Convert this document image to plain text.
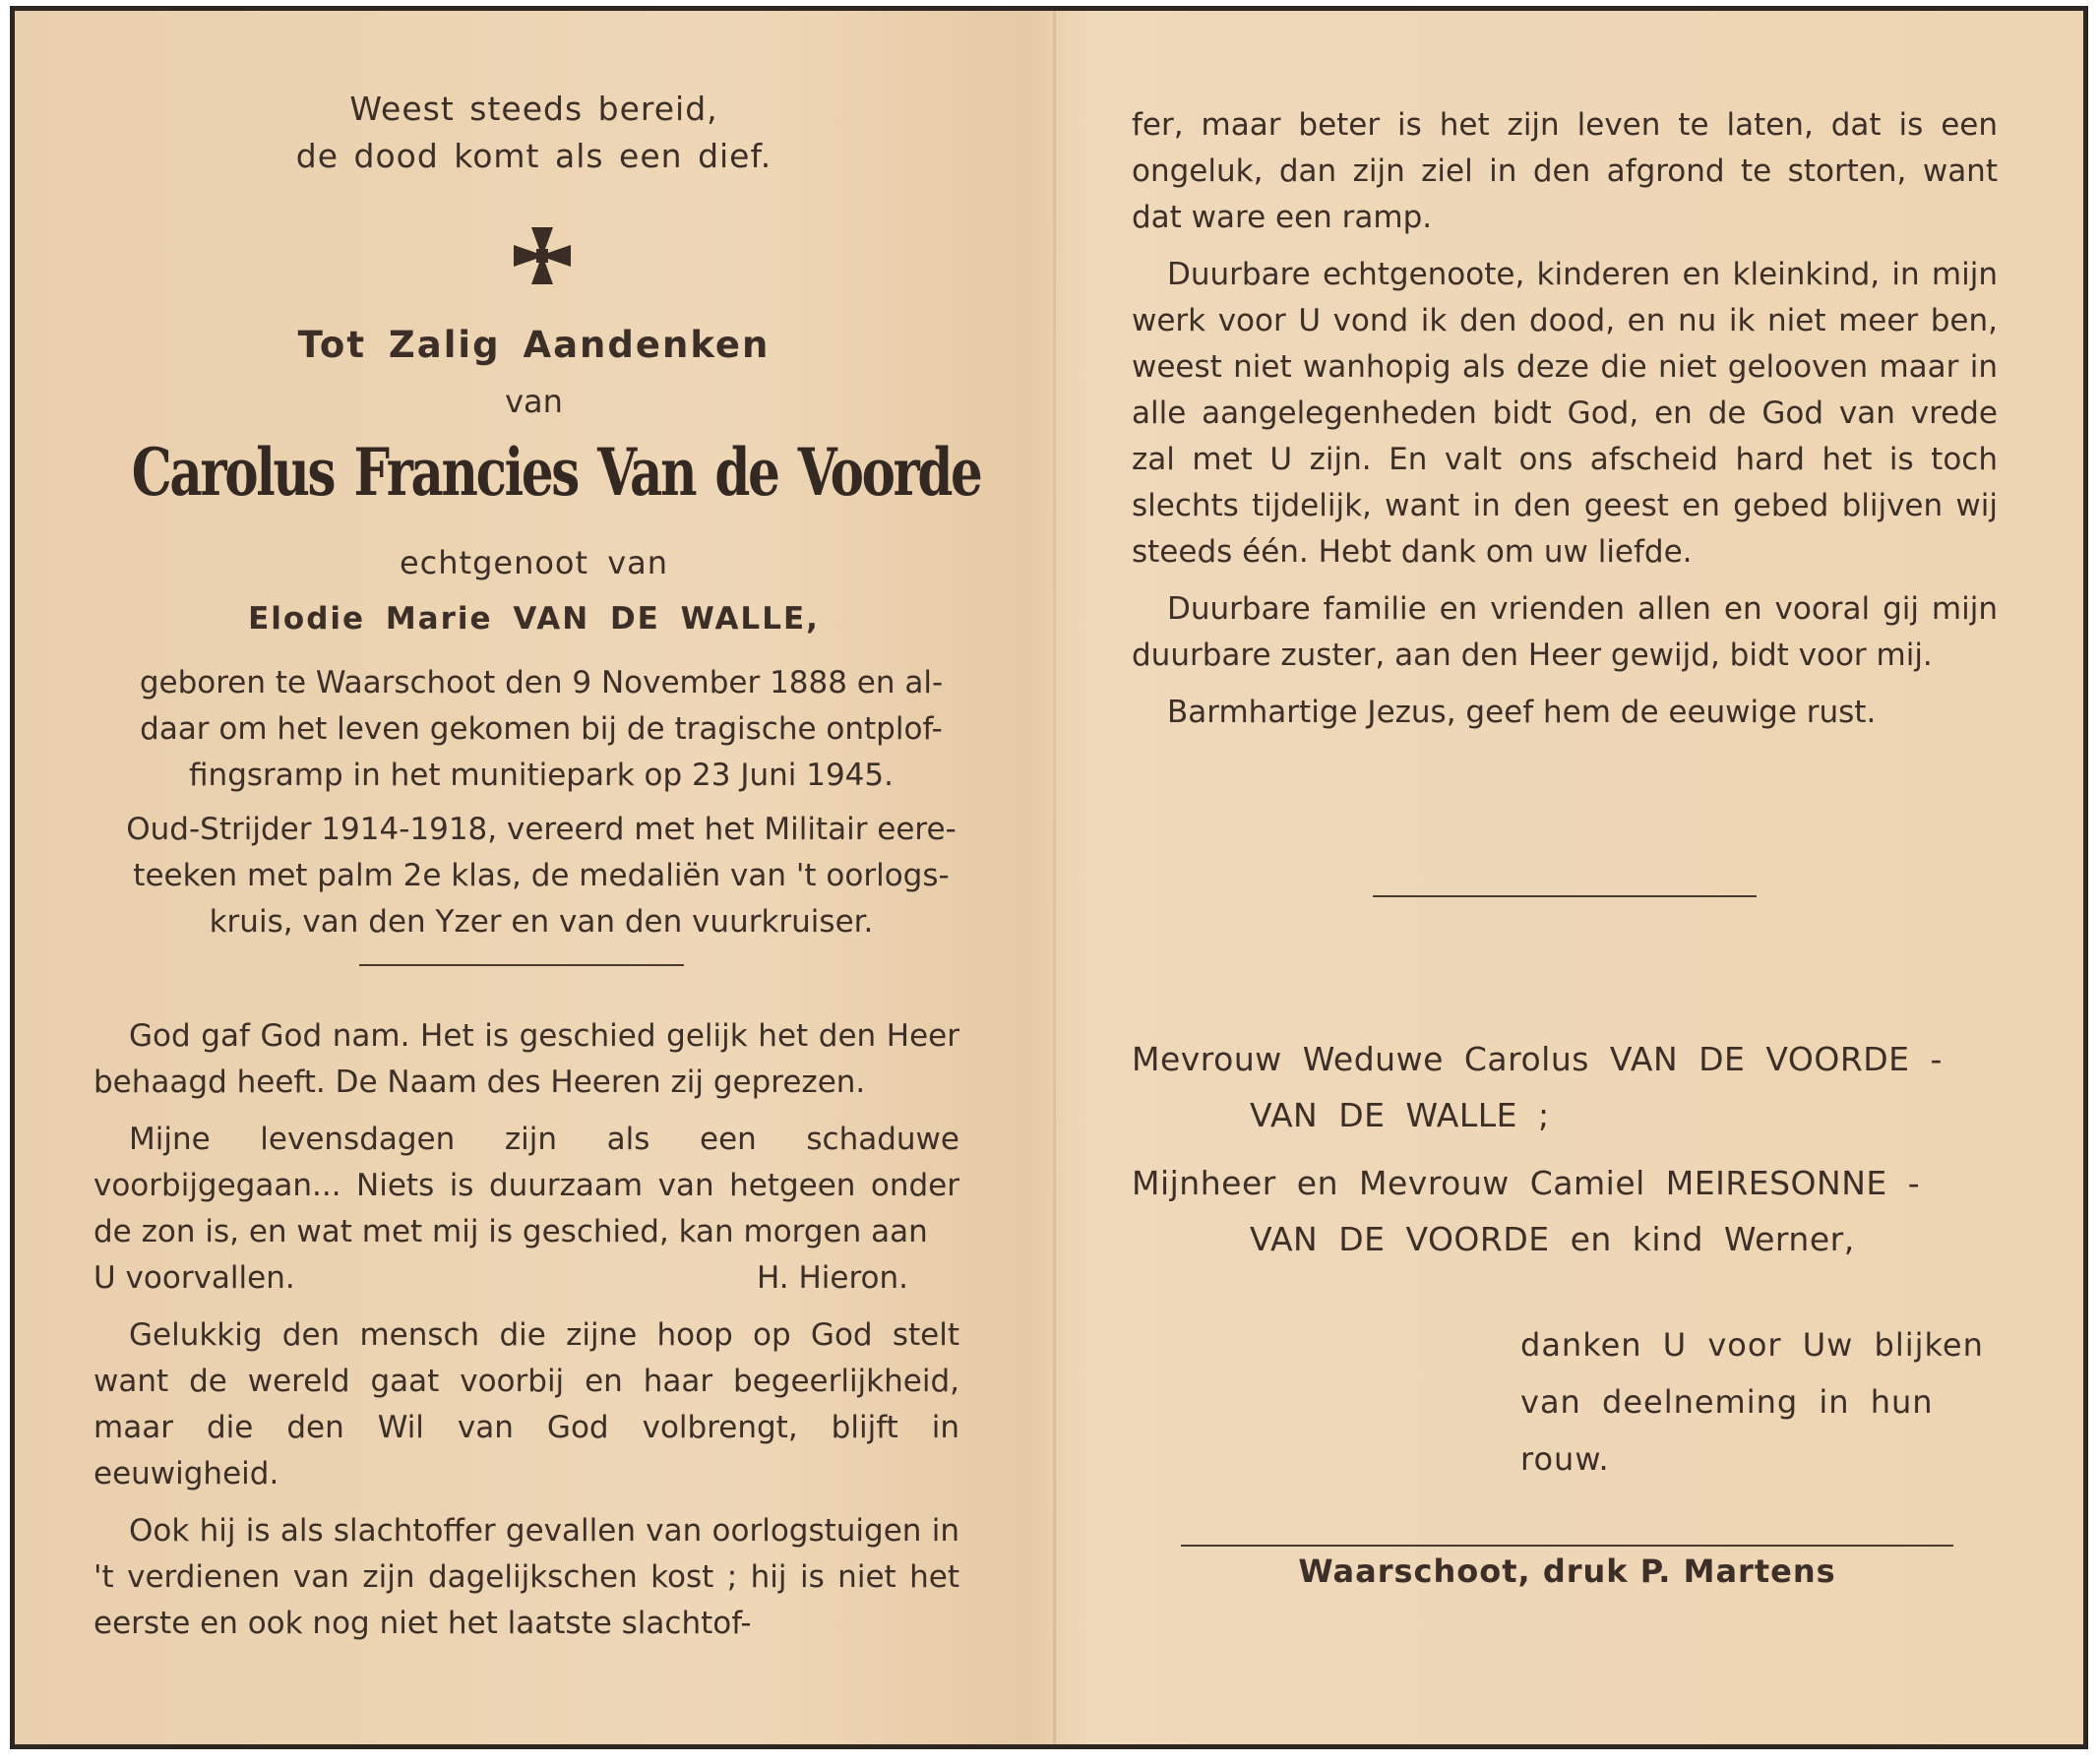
Weest steeds bereid,
de dood komt als een dief.
Tot Zalig Aandenken
van
Carolus Francies Van de Voorde
echtgenoot van
Elodie Marie VAN DE WALLE,
geboren te Waarschoot den 9 November 1888 en al-
daar om het leven gekomen bij de tragische ontplof-
fingsramp in het munitiepark op 23 Juni 1945.
Oud-Strijder 1914-1918, vereerd met het Militair eere-
teeken met palm 2e klas, de medaliën van 't oorlogs-
kruis, van den Yzer en van den vuurkruiser.

God gaf God nam. Het is geschied gelijk het den Heer behaagd heeft. De Naam des Heeren zij geprezen.

Mijne levensdagen zijn als een schaduwe voorbijgegaan... Niets is duurzaam van hetgeen onder de zon is, en wat met mij is geschied, kan morgen aan

U voorvallen.	H. Hieron.

Gelukkig den mensch die zijne hoop op God stelt want de wereld gaat voorbij en haar begeerlijkheid, maar die den Wil van God volbrengt, blijft in eeuwigheid.

Ook hij is als slachtoffer gevallen van oorlogstuigen in 't verdienen van zijn dagelijkschen kost ; hij is niet het eerste en ook nog niet het laatste slachtof-

fer, maar beter is het zijn leven te laten, dat is een ongeluk, dan zijn ziel in den afgrond te storten, want dat ware een ramp.

Duurbare echtgenoote, kinderen en kleinkind, in mijn werk voor U vond ik den dood, en nu ik niet meer ben, weest niet wanhopig als deze die niet gelooven maar in alle aangelegenheden bidt God, en de God van vrede zal met U zijn. En valt ons afscheid hard het is toch slechts tijdelijk, want in den geest en gebed blijven wij steeds één. Hebt dank om uw liefde.

Duurbare familie en vrienden allen en vooral gij mijn duurbare zuster, aan den Heer gewijd, bidt voor mij.

Barmhartige Jezus, geef hem de eeuwige rust.

Mevrouw Weduwe Carolus VAN DE VOORDE -
VAN DE WALLE ;
Mijnheer en Mevrouw Camiel MEIRESONNE -
VAN DE VOORDE en kind Werner,

danken U voor Uw blijken

van deelneming in hun

rouw.

Waarschoot, druk P. Martens
